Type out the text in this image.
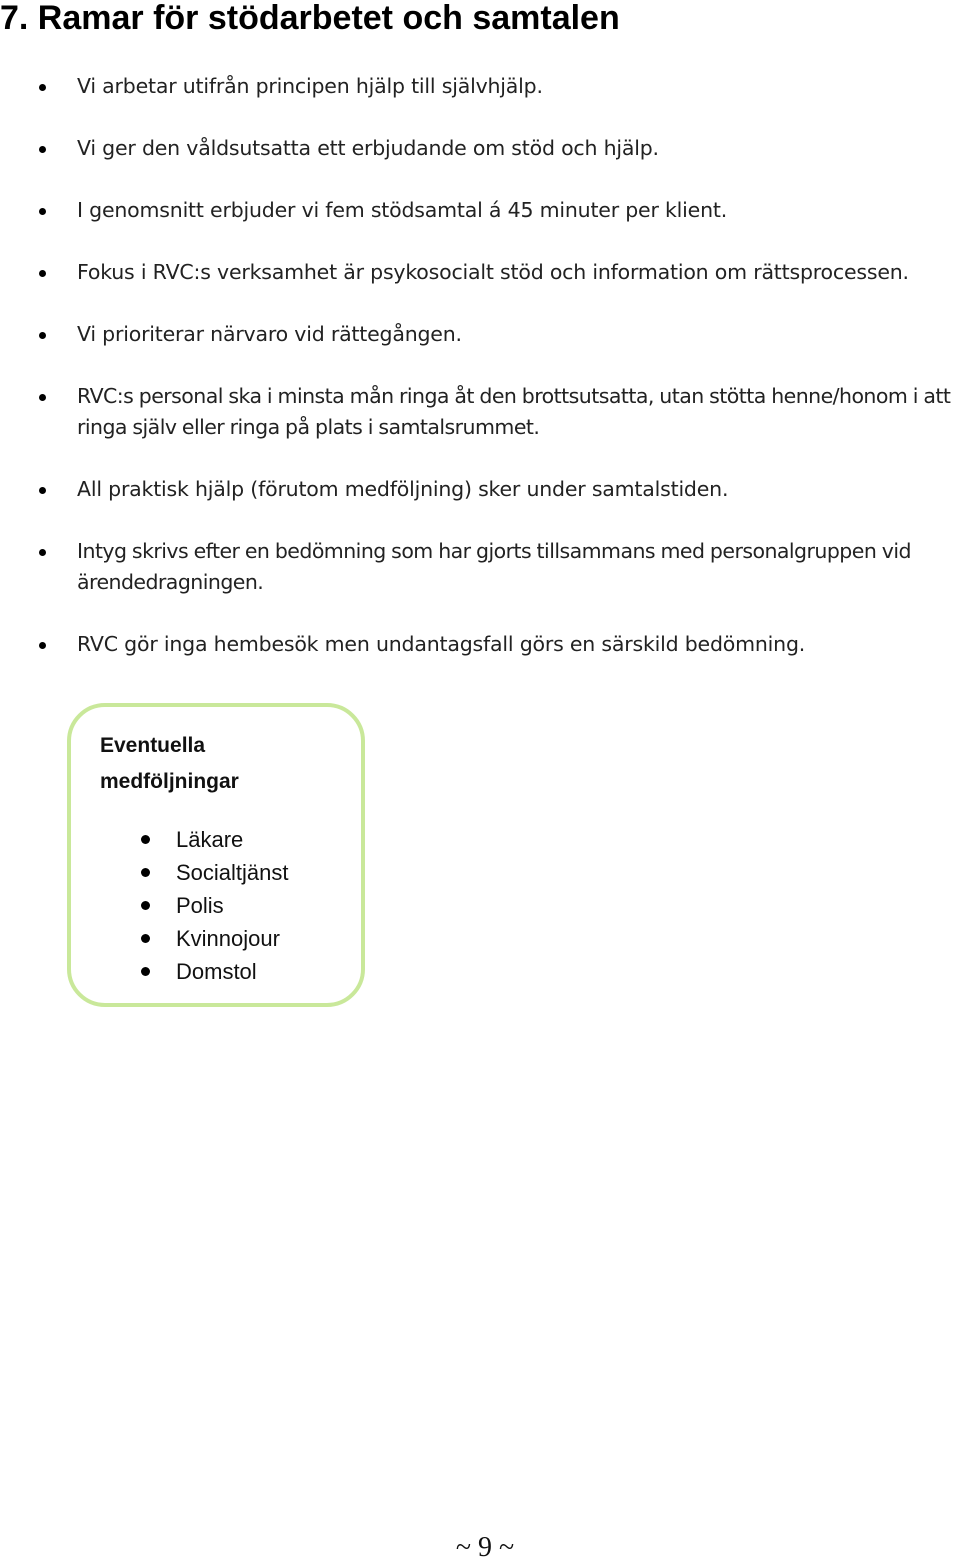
7. Ramar för stödarbetet och samtalen
Vi arbetar utifrån principen hjälp till självhjälp.
Vi ger den våldsutsatta ett erbjudande om stöd och hjälp.
I genomsnitt erbjuder vi fem stödsamtal á 45 minuter per klient.
Fokus i RVC:s verksamhet är psykosocialt stöd och information om rättsprocessen.
Vi prioriterar närvaro vid rättegången.
RVC:s personal ska i minsta mån ringa åt den brottsutsatta, utan stötta henne/honom i att ringa själv eller ringa på plats i samtalsrummet.
All praktisk hjälp (förutom medföljning) sker under samtalstiden.
Intyg skrivs efter en bedömning som har gjorts tillsammans med personalgruppen vid ärendedragningen.
RVC gör inga hembesök men undantagsfall görs en särskild bedömning.
Eventuella
medföljningar
Läkare
Socialtjänst
Polis
Kvinnojour
Domstol
~ 9 ~
